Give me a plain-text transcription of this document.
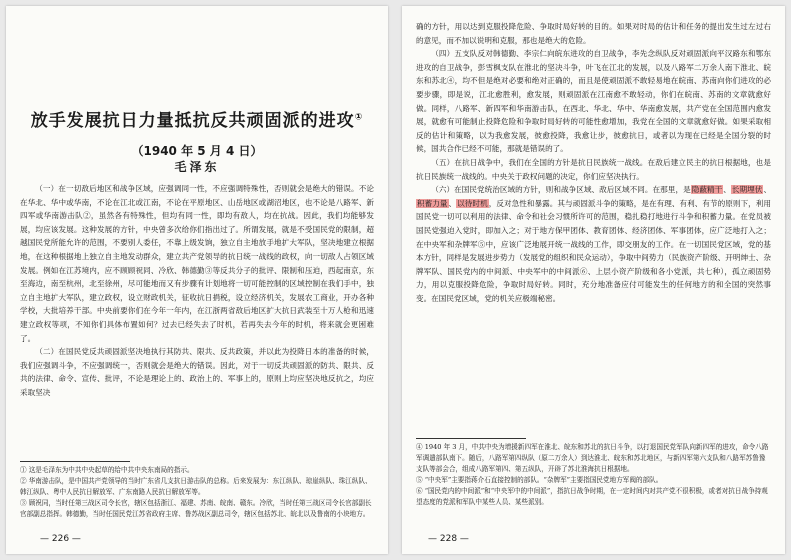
放手发展抗日力量抵抗反共顽固派的进攻①
（1940 年 5 月 4 日）
毛泽东

（一）在一切敌后地区和战争区域，应强调同一性，不应强调特殊性，否则就会是绝大的错误。不论在华北、华中或华南，不论在江北或江南，不论在平原地区、山岳地区或湖沼地区，也不论是八路军、新四军或华南游击队②，虽然各有特殊性，但均有同一性，即均有敌人，均在抗战。因此，我们均能够发展，均应该发展。这种发展的方针，中央曾多次给你们指出过了。所谓发展，就是不受国民党的限制，超越国民党所能允许的范围，不要别人委任，不靠上级发饷，独立自主地放手地扩大军队，坚决地建立根据地，在这种根据地上独立自主地发动群众，建立共产党领导的抗日统一战线的政权，向一切敌人占领区域发展。例如在江苏境内，应不顾顾祝同、冷欣、韩德勤③等反共分子的批评、限制和压迫，西起南京，东至海边，南至杭州，北至徐州，尽可能地而又有步骤有计划地将一切可能控制的区域控制在我们手中，独立自主地扩大军队，建立政权，设立财政机关，征收抗日捐税，设立经济机关，发展农工商业，开办各种学校，大批培养干部。中央前要你们在今年一年内，在江浙两省敌后地区扩大抗日武装至十万人枪和迅速建立政权等项，不知你们具体布置如何？过去已经失去了时机，若再失去今年的时机，将来就会更困难了。

（二）在国民党反共顽固派坚决地执行其防共、限共、反共政策，并以此为投降日本的准备的时候，我们应强调斗争，不应强调统一，否则就会是绝大的错误。因此，对于一切反共顽固派的防共、限共、反共的法律、命令、宣传、批评，不论是理论上的、政治上的、军事上的，原则上均应坚决地反抗之，均应采取坚决

① 这是毛泽东为中共中央起草的给中共中央东南局的指示。

② 华南游击队，是中国共产党领导的当时广东省几支抗日游击队的总称。后来发展为：东江纵队、琼崖纵队、珠江纵队、韩江纵队、粤中人民抗日解放军、广东南路人民抗日解放军等。

③ 顾祝同，当时任第三战区司令长官，辖区包括浙江、福建、苏南、皖南、赣东。冷欣，当时任第三战区司令长官部副长官部副总指挥。韩德勤，当时任国民党江苏省政府主席、鲁苏战区副总司令，辖区包括苏北、皖北以及鲁南的小块地方。

— 226 —

确的方针，用以达到克服投降危险、争取时局好转的目的。如果对时局的估计和任务的提出发生过左过右的意见，而不加以说明和克服，那也是绝大的危险。

（四）五支队反对韩德勤、李宗仁向皖东进攻的自卫战争，李先念纵队反对顽固派向平汉路东和鄂东进攻的自卫战争，彭雪枫支队在淮北的坚决斗争，叶飞在江北的发展，以及八路军二万余人南下淮北、皖东和苏北④，均不但是绝对必要和绝对正确的，而且是使顽固派不敢轻易地在皖南、苏南向你们进攻的必要步骤，即是说，江北愈胜利，愈发展，则顽固派在江南愈不敢轻动，你们在皖南、苏南的文章就愈好做。同样，八路军、新四军和华南游击队，在西北、华北、华中、华南愈发展，共产党在全国范围内愈发展，就愈有可能制止投降危险和争取时局好转的可能性愈增加，我党在全国的文章就愈好做。如果采取相反的估计和策略，以为我愈发展，彼愈投降，我愈让步，彼愈抗日，或者以为现在已经是全国分裂的时候，国共合作已经不可能，那就是错误的了。

（五）在抗日战争中，我们在全国的方针是抗日民族统一战线。在敌后建立民主的抗日根据地，也是抗日民族统一战线的。中央关于政权问题的决定，你们应坚决执行。

（六）在国民党统治区域的方针，则和战争区域、敌后区域不同。在那里，是隐蔽精干、长期埋伏、积蓄力量、以待时机，反对急性和暴露。其与顽固派斗争的策略，是在有理、有利、有节的原则下，利用国民党一切可以利用的法律、命令和社会习惯所许可的范围，稳扎稳打地进行斗争和积蓄力量。在党员被国民党强迫入党时，即加入之；对于地方保甲团体、教育团体、经济团体、军事团体，应广泛地打入之；在中央军和杂牌军⑤中，应该广泛地展开统一战线的工作，即交朋友的工作。在一切国民党区域，党的基本方针，同样是发展进步势力（发展党的组织和民众运动），争取中间势力（民族资产阶级、开明绅士、杂牌军队、国民党内的中间派、中央军中的中间派⑥、上层小资产阶级和各小党派，共七种），孤立顽固势力，用以克服投降危险，争取时局好转。同时，充分地准备应付可能发生的任何地方的和全国的突然事变。在国民党区域，党的机关应极端秘密。

④ 1940 年 3 月，中共中央为增援新四军在淮北、皖东和苏北的抗日斗争，以打退国民党军队向新四军的进攻，命令八路军调遣部队南下。随后，八路军第四纵队（原二万余人）到达淮北、皖东和苏北地区，与新四军第六支队和八路军苏鲁豫支队等部会合，组成八路军第四、第五纵队，开辟了苏北淮海抗日根据地。

⑤ “中央军”主要指蒋介石直接控制的部队。“杂牌军”主要指国民党地方军阀的部队。

⑥ “国民党内的中间派”和“中央军中的中间派”，指抗日战争时期，在一定时间内对共产党不很积极，或者对抗日战争持观望态度的党派和军队中某些人员、某些派别。

— 228 —
